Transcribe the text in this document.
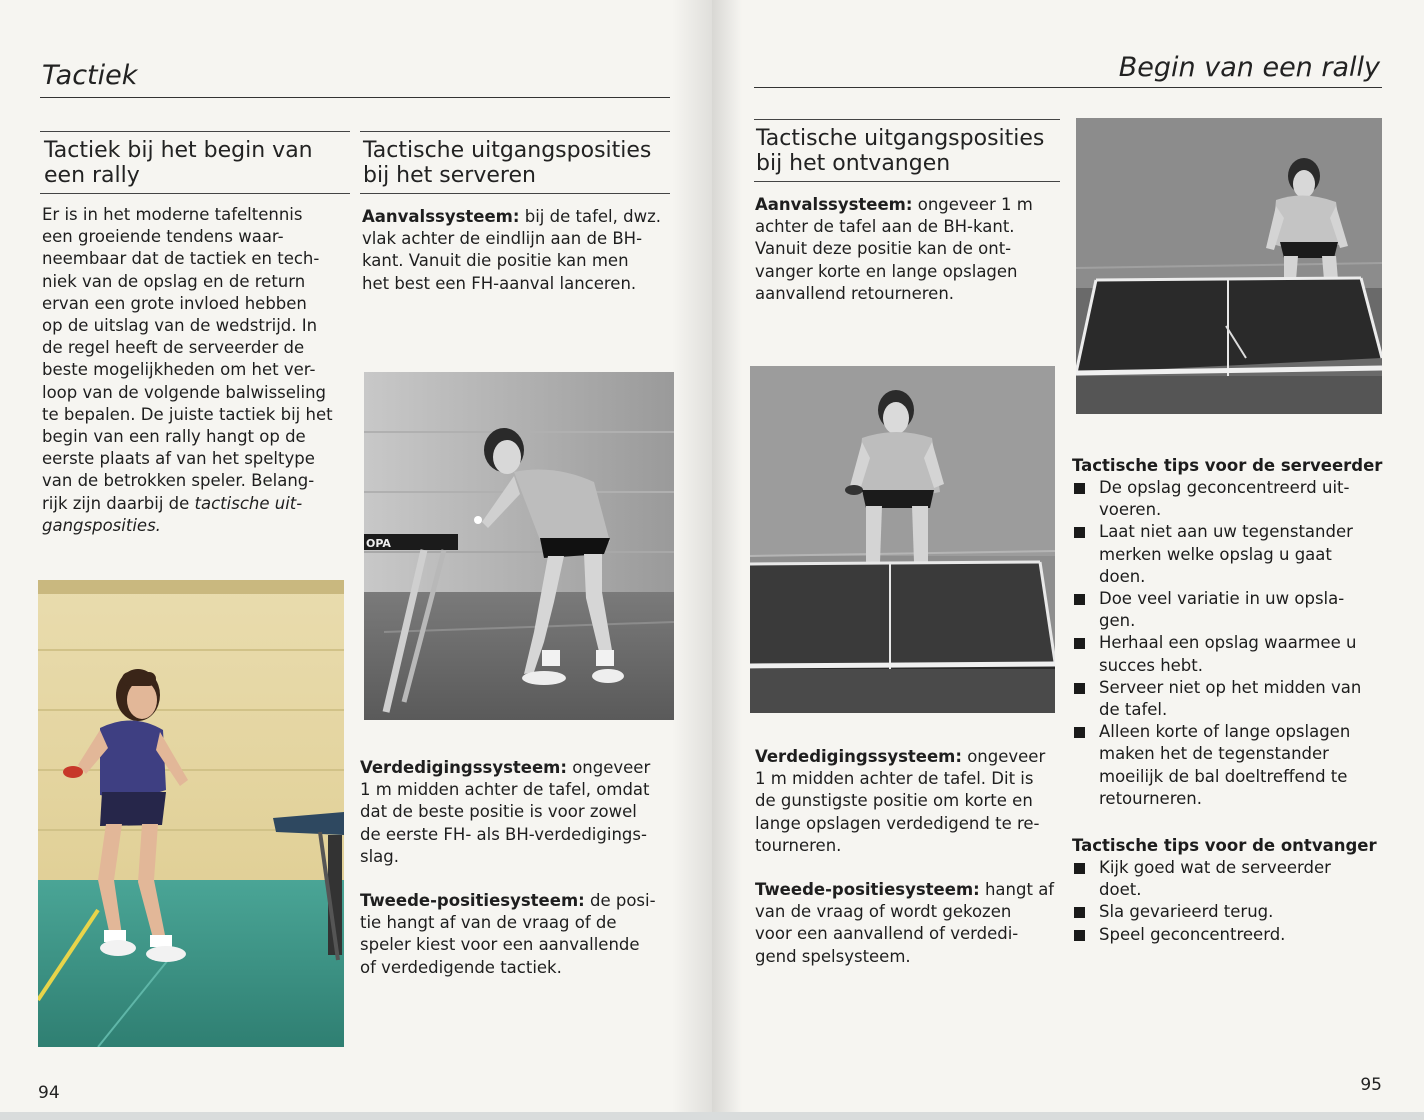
Tactiek
Tactiek bij het begin van
een rally

Er is in het moderne tafeltennis

een groeiende tendens waar-

neembaar dat de tactiek en tech-

niek van de opslag en de return

ervan een grote invloed hebben

op de uitslag van de wedstrijd. In

de regel heeft de serveerder de

beste mogelijkheden om het ver-

loop van de volgende balwisseling

te bepalen. De juiste tactiek bij het

begin van een rally hangt op de

eerste plaats af van het speltype

van de betrokken speler. Belang-

rijk zijn daarbij de tactische uit-

gangsposities.

Tactische uitgangsposities
bij het serveren

Aanvalssysteem: bij de tafel, dwz.

vlak achter de eindlijn aan de BH-

kant. Vanuit die positie kan men

het best een FH-aanval lanceren.

OPA

Verdedigingssysteem: ongeveer

1 m midden achter de tafel, omdat

dat de beste positie is voor zowel

de eerste FH- als BH-verdedigings-

slag.

Tweede-positiesysteem: de posi-

tie hangt af van de vraag of de

speler kiest voor een aanvallende

of verdedigende tactiek.

94
Begin van een rally
Tactische uitgangsposities
bij het ontvangen

Aanvalssysteem: ongeveer 1 m

achter de tafel aan de BH-kant.

Vanuit deze positie kan de ont-

vanger korte en lange opslagen

aanvallend retourneren.

Verdedigingssysteem: ongeveer

1 m midden achter de tafel. Dit is

de gunstigste positie om korte en

lange opslagen verdedigend te re-

tourneren.

Tweede-positiesysteem: hangt af

van de vraag of wordt gekozen

voor een aanvallend of verdedi-

gend spelsysteem.

Tactische tips voor de serveerder

De opslag geconcentreerd uit-
voeren.
Laat niet aan uw tegenstander
merken welke opslag u gaat
doen.
Doe veel variatie in uw opsla-
gen.
Herhaal een opslag waarmee u
succes hebt.
Serveer niet op het midden van
de tafel.
Alleen korte of lange opslagen
maken het de tegenstander
moeilijk de bal doeltreffend te
retourneren.

Tactische tips voor de ontvanger

Kijk goed wat de serveerder
doet.
Sla gevarieerd terug.
Speel geconcentreerd.
95
